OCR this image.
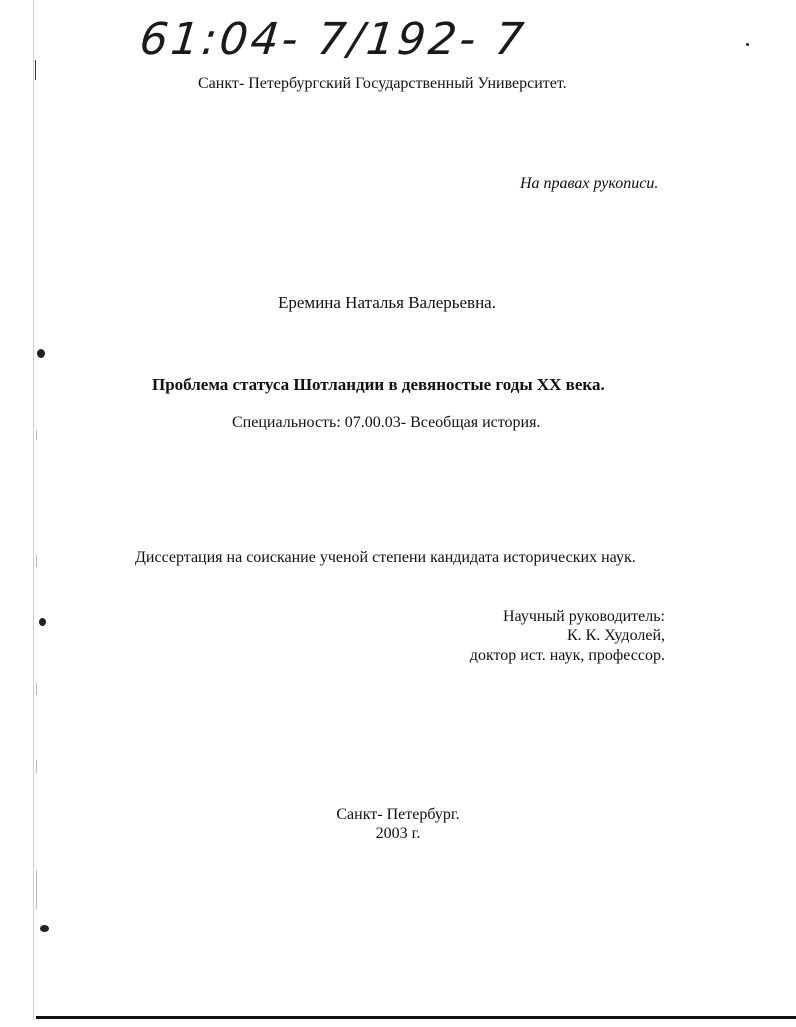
61:04- 7/192- 7
Санкт- Петербургский Государственный Университет.
На правах рукописи.
Еремина Наталья Валерьевна.
Проблема статуса Шотландии в девяностые годы XX века.
Специальность: 07.00.03- Всеобщая история.
Диссертация на соискание ученой степени кандидата исторических наук.
Научный руководитель:
К. К. Худолей,
доктор ист. наук, профессор.
Санкт- Петербург.
2003 г.
